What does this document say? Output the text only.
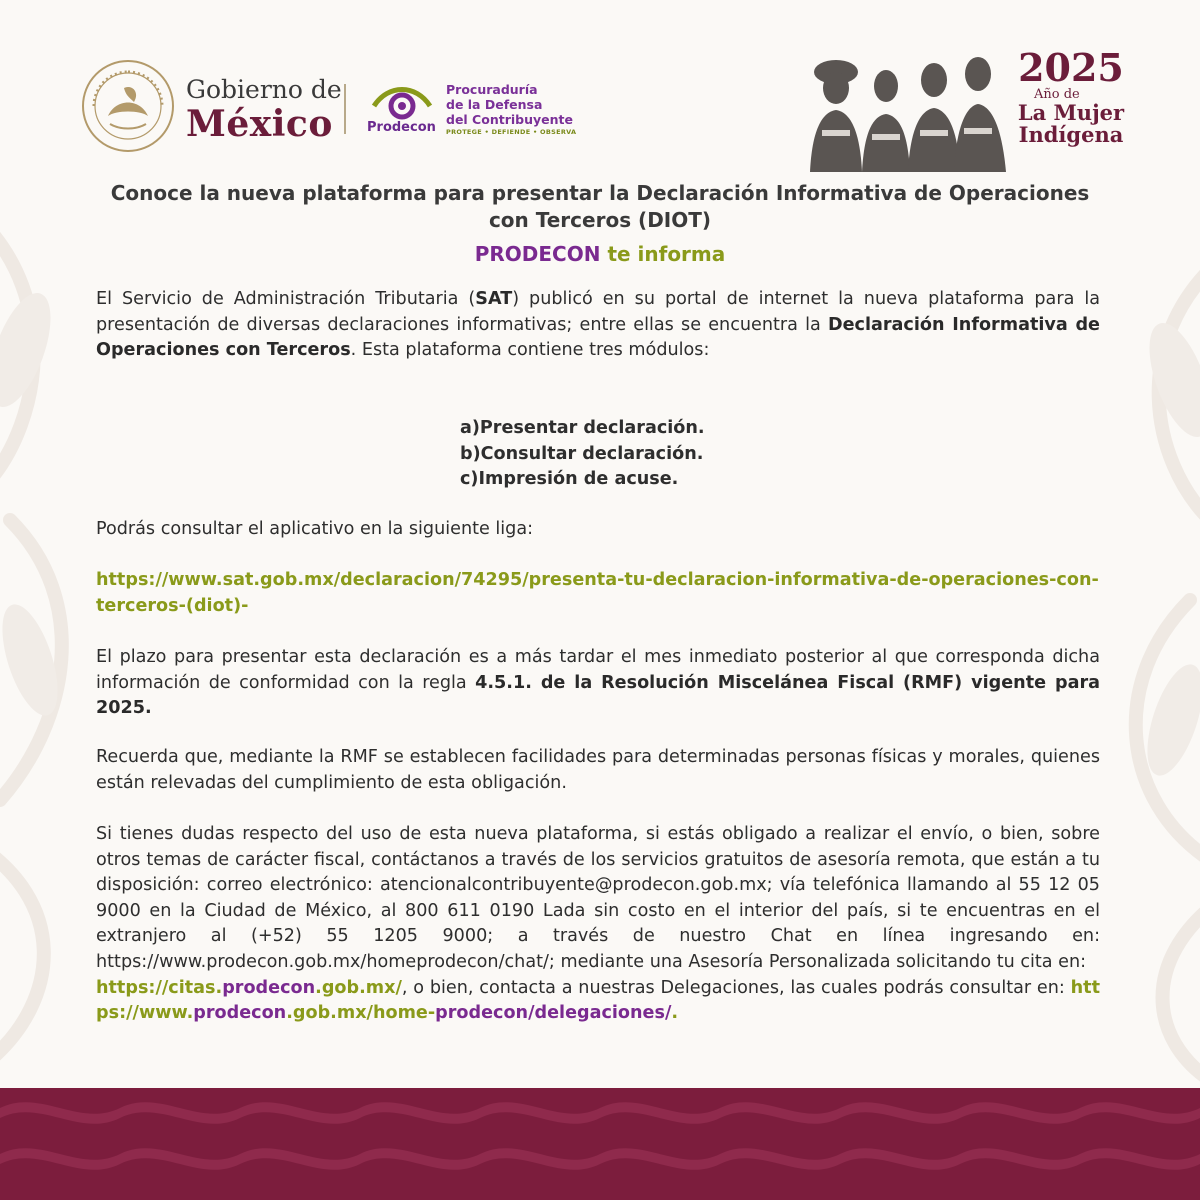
Gobierno de
México	Prodecon
Procuraduría
de la Defensa
del Contribuyente
PROTEGE • DEFIENDE • OBSERVA
2025
Año de
La Mujer
Indígena
Conoce la nueva plataforma para presentar la Declaración Informativa de Operaciones con Terceros (DIOT)
PRODECON te informa

El Servicio de Administración Tributaria (SAT) publicó en su portal de internet la nueva plataforma para la presentación de diversas declaraciones informativas; entre ellas se encuentra la Declaración Informativa de Operaciones con Terceros. Esta plataforma contiene tres módulos:

a)Presentar declaración.
b)Consultar declaración.
c)Impresión de acuse.

Podrás consultar el aplicativo en la siguiente liga:

https://www.sat.gob.mx/declaracion/74295/presenta-tu-declaracion-informativa-de-operaciones-con-terceros-(diot)-

El plazo para presentar esta declaración es a más tardar el mes inmediato posterior al que corresponda dicha información de conformidad con la regla 4.5.1. de la Resolución Miscelánea Fiscal (RMF) vigente para 2025.

Recuerda que, mediante la RMF se establecen facilidades para determinadas personas físicas y morales, quienes están relevadas del cumplimiento de esta obligación.

Si tienes dudas respecto del uso de esta nueva plataforma, si estás obligado a realizar el envío, o bien, sobre otros temas de carácter fiscal, contáctanos a través de los servicios gratuitos de asesoría remota, que están a tu disposición: correo electrónico: atencionalcontribuyente@prodecon.gob.mx; vía telefónica llamando al 55 12 05 9000 en la Ciudad de México, al 800 611 0190 Lada sin costo en el interior del país, si te encuentras en el extranjero al (+52) 55 1205 9000; a través de nuestro Chat en línea ingresando en: https://www.prodecon.gob.mx/homeprodecon/chat/; mediante una Asesoría Personalizada solicitando tu cita en:
https://citas.prodecon.gob.mx/, o bien, contacta a nuestras Delegaciones, las cuales podrás consultar en: https://www.prodecon.gob.mx/home-prodecon/delegaciones/.
